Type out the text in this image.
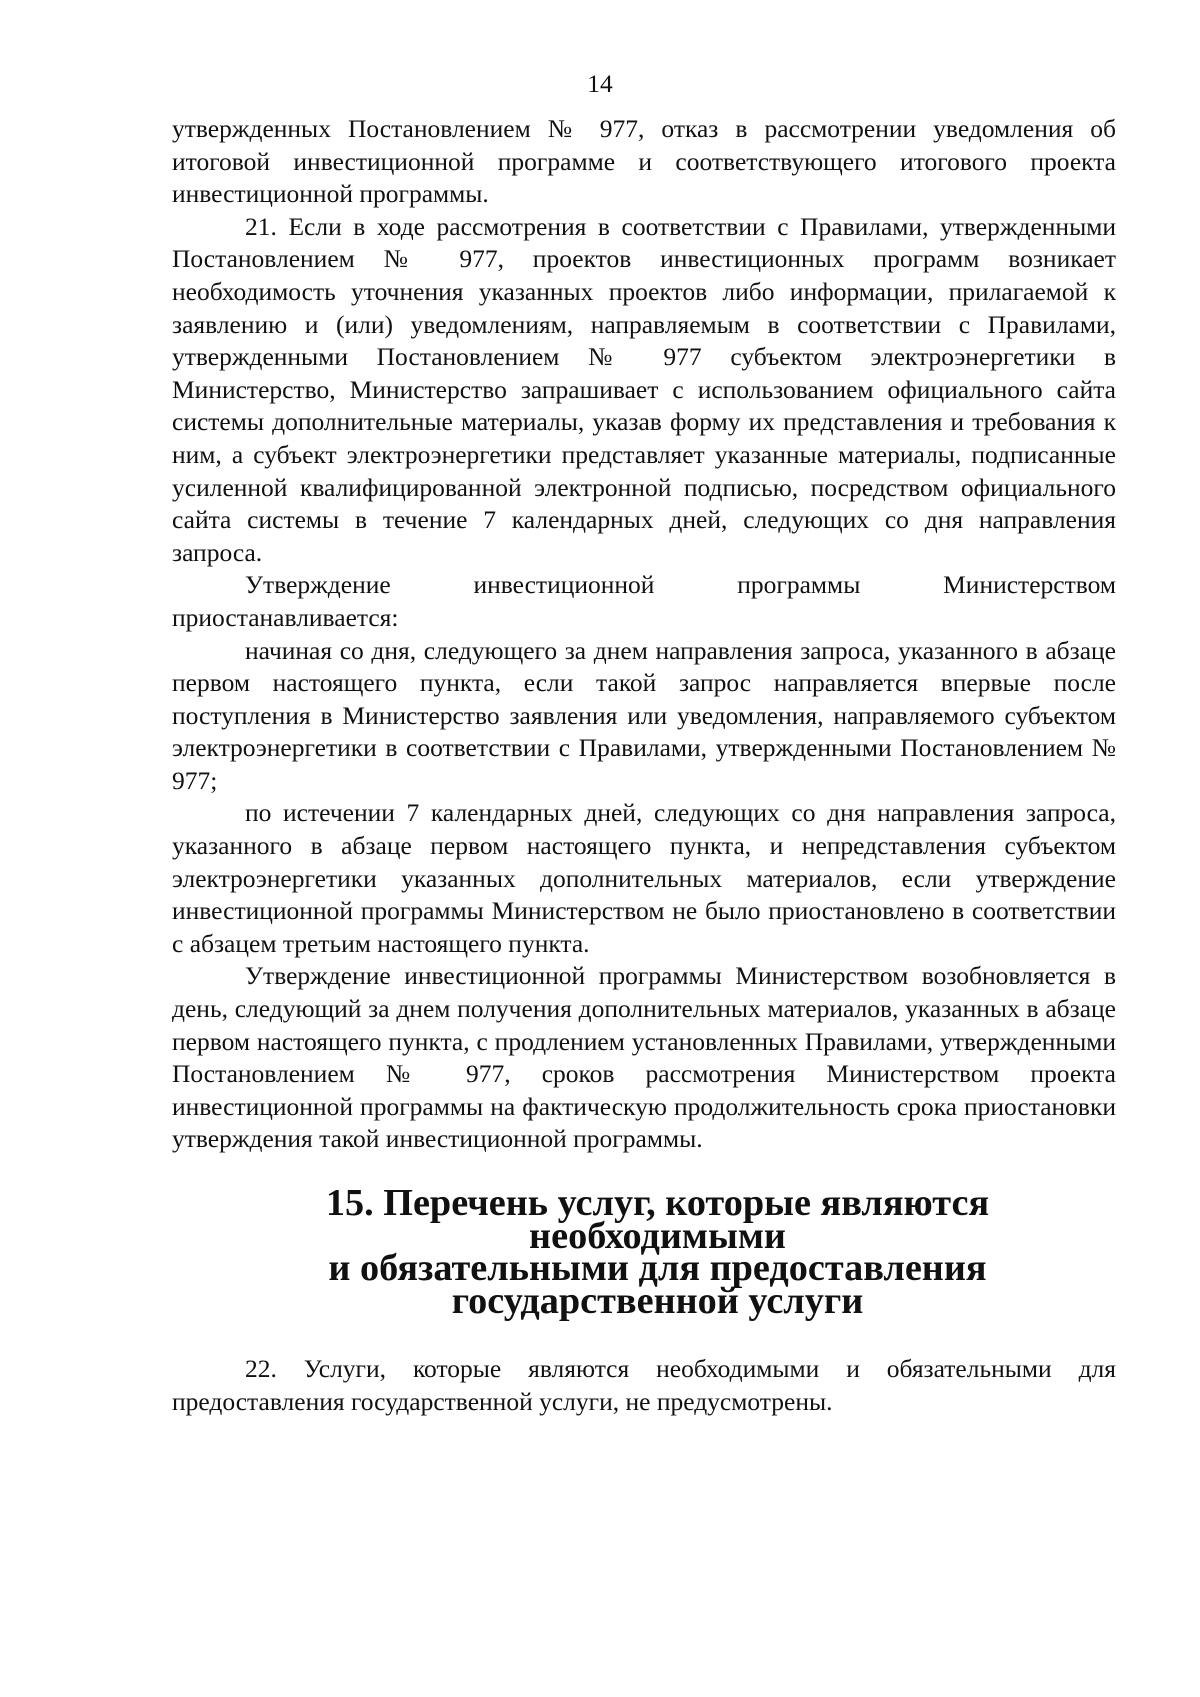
14

утвержденных Постановлением № 977, отказ в рассмотрении уведомления об итоговой инвестиционной программе и соответствующего итогового проекта инвестиционной программы.

21. Если в ходе рассмотрения в соответствии с Правилами, утвержденными Постановлением № 977, проектов инвестиционных программ возникает необходимость уточнения указанных проектов либо информации, прилагаемой к заявлению и (или) уведомлениям, направляемым в соответствии с Правилами, утвержденными Постановлением № 977 субъектом электроэнергетики в Министерство, Министерство запрашивает с использованием официального сайта системы дополнительные материалы, указав форму их представления и требования к ним, а субъект электроэнергетики представляет указанные материалы, подписанные усиленной квалифицированной электронной подписью, посредством официального сайта системы в течение 7 календарных дней, следующих со дня направления запроса.

Утверждение инвестиционной программы Министерством приостанавливается:

начиная со дня, следующего за днем направления запроса, указанного в абзаце первом настоящего пункта, если такой запрос направляется впервые после поступления в Министерство заявления или уведомления, направляемого субъектом электроэнергетики в соответствии с Правилами, утвержденными Постановлением № 977;

по истечении 7 календарных дней, следующих со дня направления запроса, указанного в абзаце первом настоящего пункта, и непредставления субъектом электроэнергетики указанных дополнительных материалов, если утверждение инвестиционной программы Министерством не было приостановлено в соответствии с абзацем третьим настоящего пункта.

Утверждение инвестиционной программы Министерством возобновляется в день, следующий за днем получения дополнительных материалов, указанных в абзаце первом настоящего пункта, с продлением установленных Правилами, утвержденными Постановлением № 977, сроков рассмотрения Министерством проекта инвестиционной программы на фактическую продолжительность срока приостановки утверждения такой инвестиционной программы.

15. Перечень услуг, которые являются необходимыми
и обязательными для предоставления государственной услуги

22. Услуги, которые являются необходимыми и обязательными для предоставления государственной услуги, не предусмотрены.
